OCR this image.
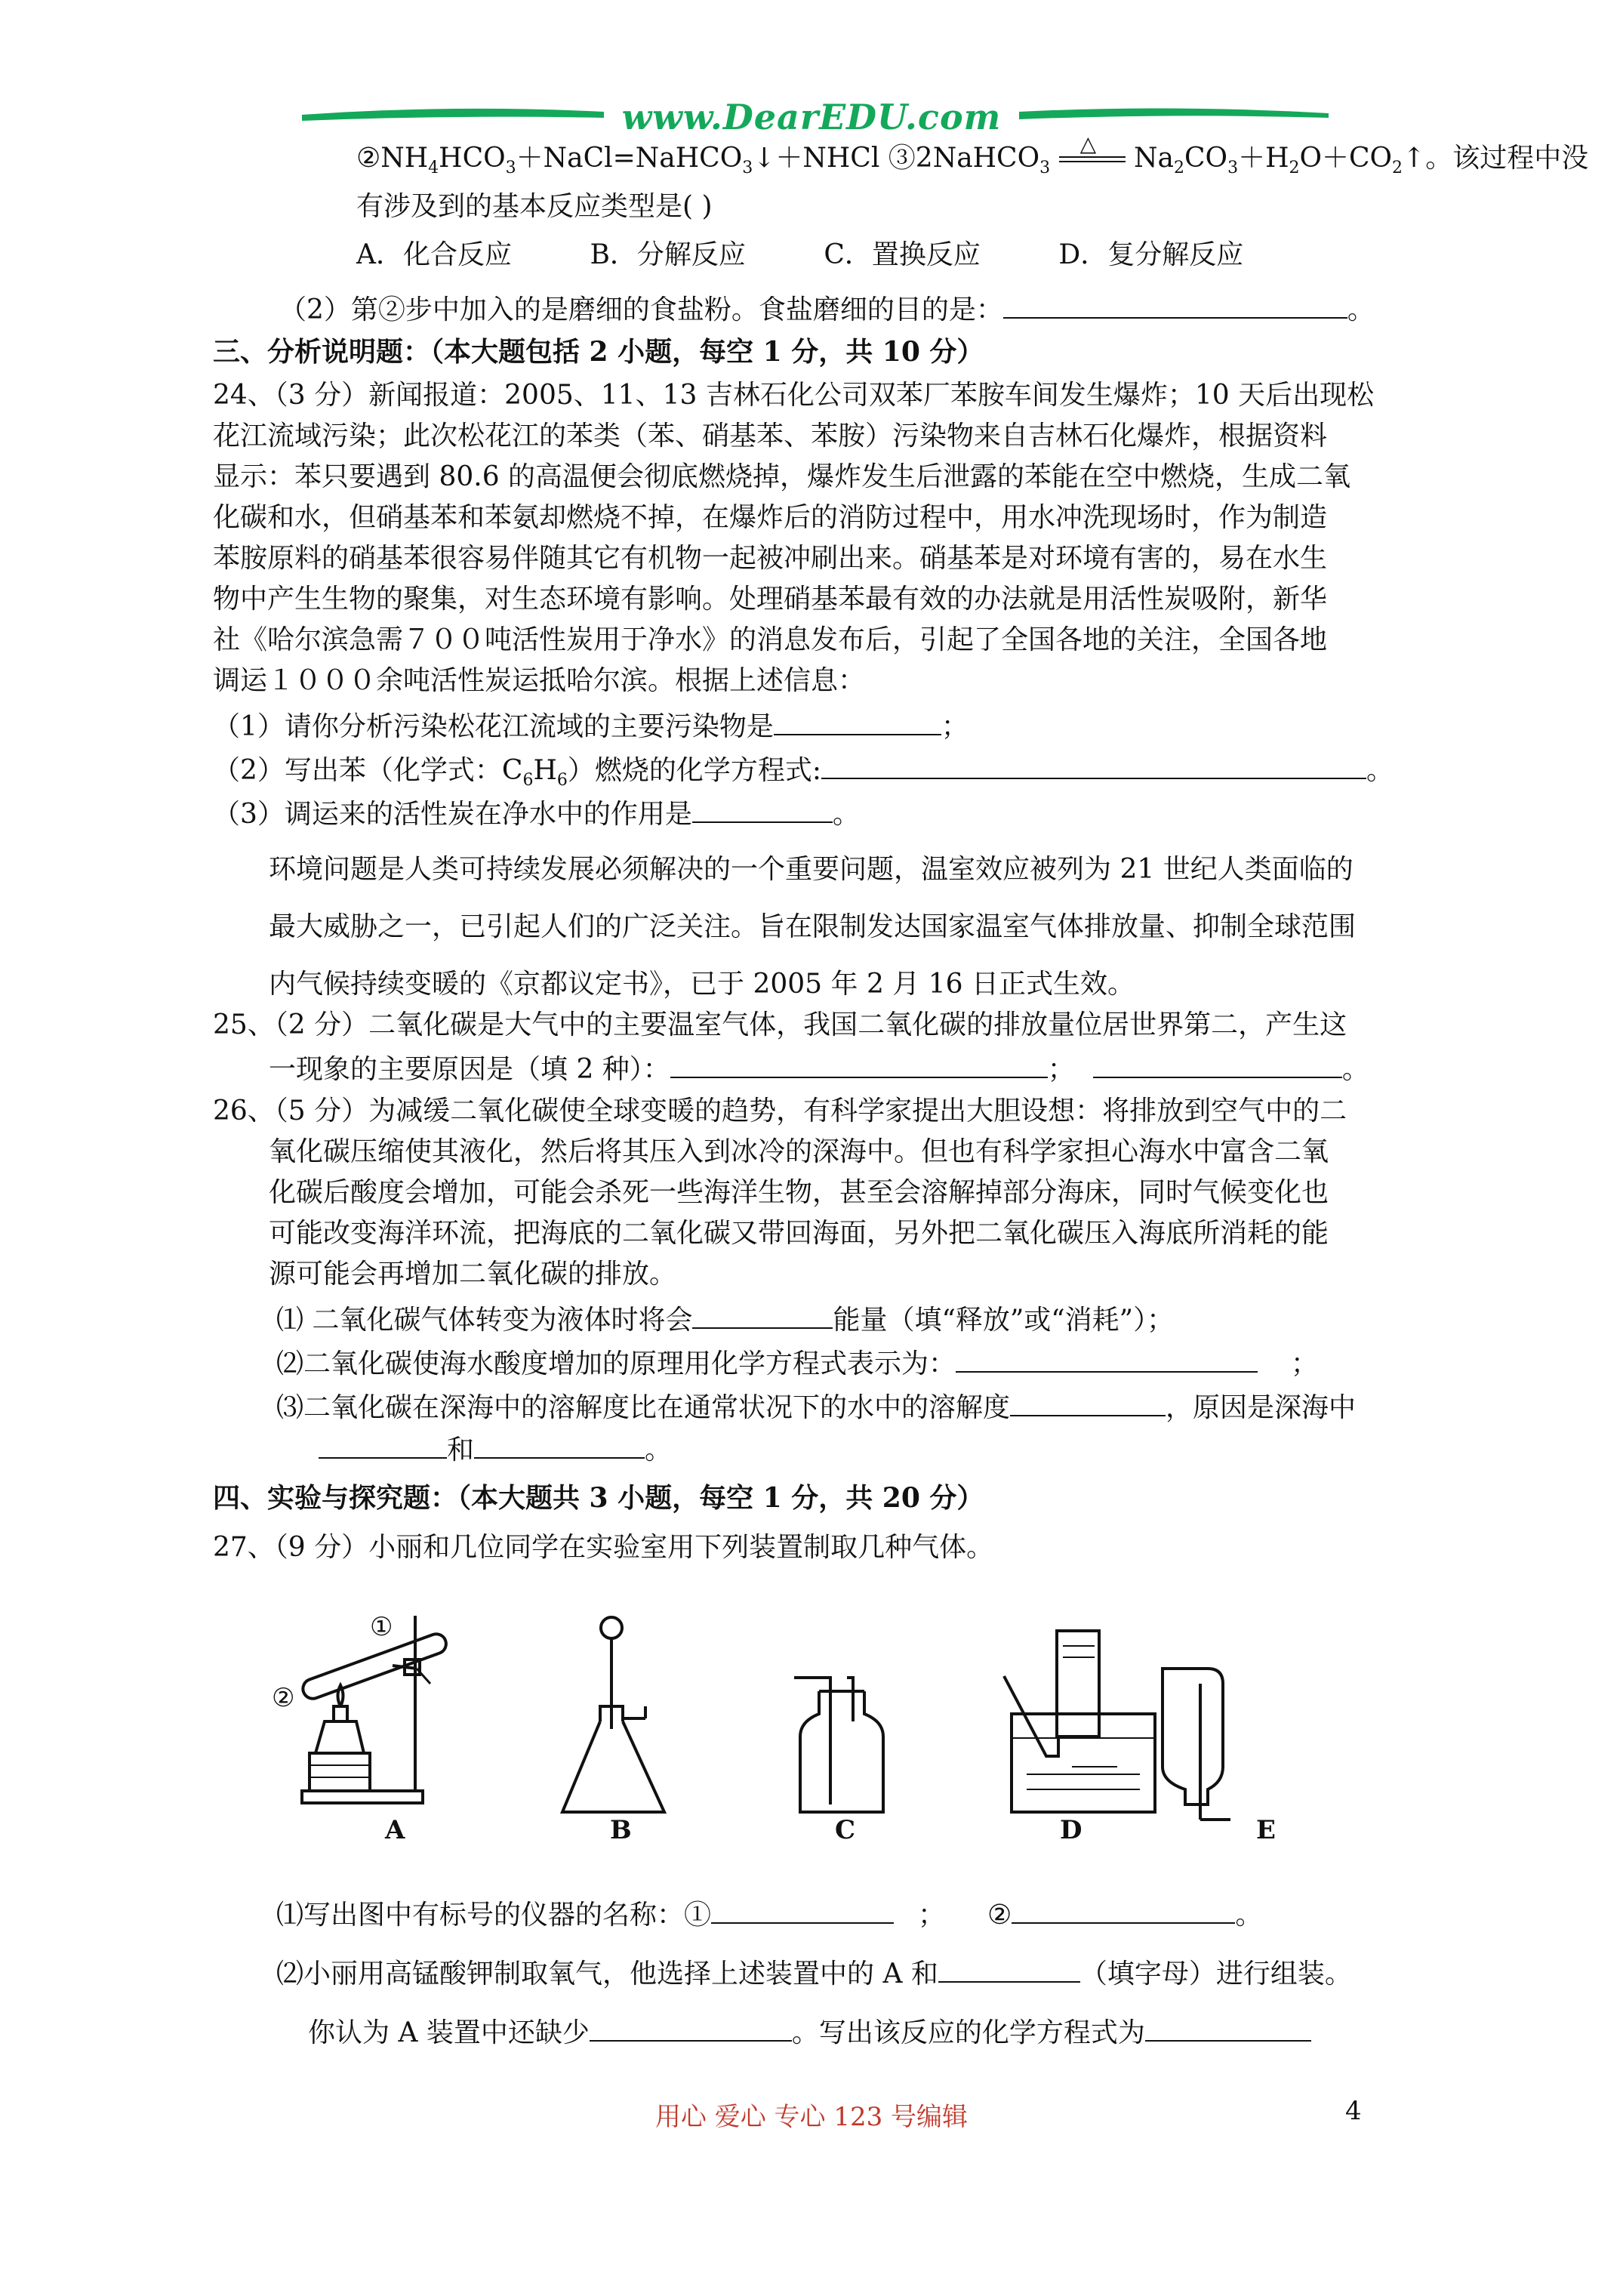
www.DearEDU.com
$②NH_4HCO_3+NaCl=NaHCO_3↓+NHCl$ ③2NaHCO$_3$
△ $Na_2CO_3+H_2O+CO_2↑$。该过程中没
有涉及到的基本反应类型是( )
A．化合反应	B．分解反应	C．置换反应	D．复分解反应
（2）第②步中加入的是磨细的食盐粉。食盐磨细的目的是：	。
三、分析说明题：（本大题包括 2 小题，每空 1 分，共 10 分）
24、（3 分）新闻报道：2005、11、13 吉林石化公司双苯厂苯胺车间发生爆炸；10 天后出现松
花江流域污染；此次松花江的苯类（苯、硝基苯、苯胺）污染物来自吉林石化爆炸，根据资料
显示：苯只要遇到 80.6 的高温便会彻底燃烧掉，爆炸发生后泄露的苯能在空中燃烧，生成二氧
化碳和水，但硝基苯和苯氨却燃烧不掉，在爆炸后的消防过程中，用水冲洗现场时，作为制造
苯胺原料的硝基苯很容易伴随其它有机物一起被冲刷出来。硝基苯是对环境有害的，易在水生
物中产生生物的聚集，对生态环境有影响。处理硝基苯最有效的办法就是用活性炭吸附，新华
社《哈尔滨急需７００吨活性炭用于净水》的消息发布后，引起了全国各地的关注，全国各地
调运１０００余吨活性炭运抵哈尔滨。根据上述信息：
（1）请你分析污染松花江流域的主要污染物是	；
（2）写出苯（化学式：$C_6H_6$）燃烧的化学方程式:	。
（3）调运来的活性炭在净水中的作用是	。
环境问题是人类可持续发展必须解决的一个重要问题，温室效应被列为 21 世纪人类面临的
最大威胁之一，已引起人们的广泛关注。旨在限制发达国家温室气体排放量、抑制全球范围
内气候持续变暖的《京都议定书》，已于 2005 年 2 月 16 日正式生效。
25、（2 分）二氧化碳是大气中的主要温室气体，我国二氧化碳的排放量位居世界第二，产生这
一现象的主要原因是（填 2 种）：	；	。
26、（5 分）为减缓二氧化碳使全球变暖的趋势，有科学家提出大胆设想：将排放到空气中的二
氧化碳压缩使其液化，然后将其压入到冰冷的深海中。但也有科学家担心海水中富含二氧
化碳后酸度会增加，可能会杀死一些海洋生物，甚至会溶解掉部分海床，同时气候变化也
可能改变海洋环流，把海底的二氧化碳又带回海面，另外把二氧化碳压入海底所消耗的能
源可能会再增加二氧化碳的排放。
⑴ 二氧化碳气体转变为液体时将会	能量（填“释放”或“消耗”）；
⑵二氧化碳使海水酸度增加的原理用化学方程式表示为：	；
⑶二氧化碳在深海中的溶解度比在通常状况下的水中的溶解度	，原因是深海中
和	。
四、实验与探究题：（本大题共 3 小题，每空 1 分，共 20 分）
27、（9 分）小丽和几位同学在实验室用下列装置制取几种气体。
①
②
A	B	C	D	E
⑴写出图中有标号的仪器的名称：①	； ②	。
⑵小丽用高锰酸钾制取氧气，他选择上述装置中的 A 和	（填字母）进行组装。
你认为 A 装置中还缺少	。写出该反应的化学方程式为
用心 爱心 专心 123 号编辑	4
